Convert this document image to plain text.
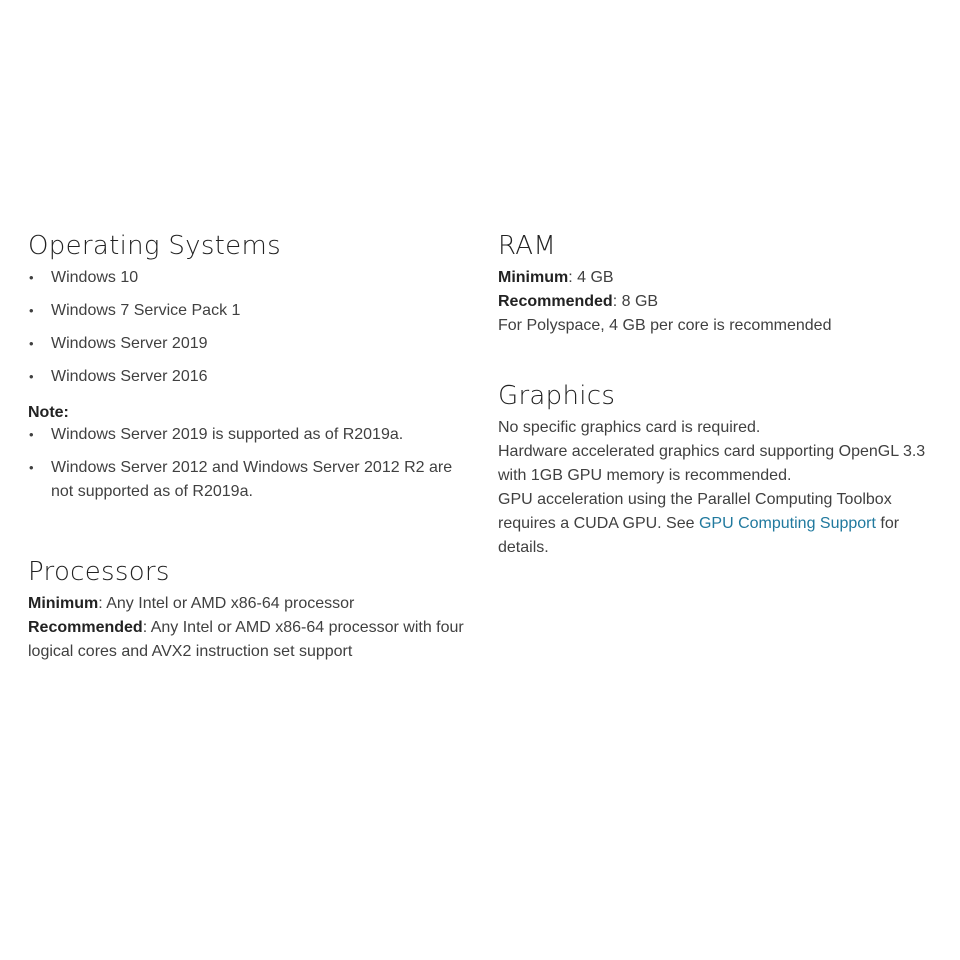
Operating Systems
• Windows 10
• Windows 7 Service Pack 1
• Windows Server 2019
• Windows Server 2016
Note:
• Windows Server 2019 is supported as of R2019a.
• Windows Server 2012 and Windows Server 2012 R2 are not supported as of R2019a.
Processors

Minimum: Any Intel or AMD x86-64 processor

Recommended: Any Intel or AMD x86-64 processor with four logical cores and AVX2 instruction set support

RAM

Minimum: 4 GB

Recommended: 8 GB

For Polyspace, 4 GB per core is recommended

Graphics

No specific graphics card is required.

Hardware accelerated graphics card supporting OpenGL 3.3 with 1GB GPU memory is recommended.

GPU acceleration using the Parallel Computing Toolbox requires a CUDA GPU. See GPU Computing Support for details.
